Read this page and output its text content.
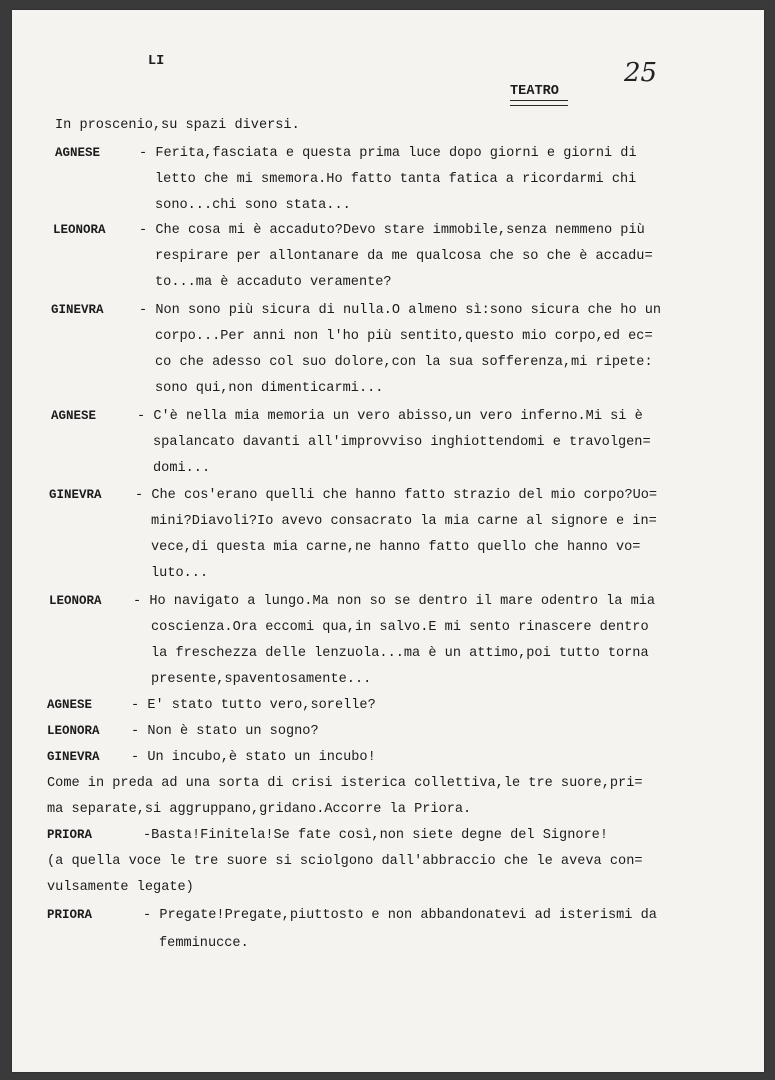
LI
TEATRO
25
In proscenio,su spazi diversi.
AGNESE	- Ferita,fasciata e questa prima luce dopo giorni e giorni di
letto che mi smemora.Ho fatto tanta fatica a ricordarmi chi
sono...chi sono stata...
LEONORA - Che cosa mi è accaduto?Devo stare immobile,senza nemmeno più
respirare per allontanare da me qualcosa che so che è accadu=
to...ma è accaduto veramente?
GINEVRA	- Non sono più sicura di nulla.O almeno sì:sono sicura che ho un
corpo...Per anni non l'ho più sentito,questo mio corpo,ed ec=
co che adesso col suo dolore,con la sua sofferenza,mi ripete:
sono qui,non dimenticarmi...
AGNESE	- C'è nella mia memoria un vero abisso,un vero inferno.Mi si è
spalancato davanti all'improvviso inghiottendomi e travolgen=
domi...
GINEVRA - Che cos'erano quelli che hanno fatto strazio del mio corpo?Uo=
mini?Diavoli?Io avevo consacrato la mia carne al signore e in=
vece,di questa mia carne,ne hanno fatto quello che hanno vo=
luto...
LEONORA - Ho navigato a lungo.Ma non so se dentro il mare odentro la mia
coscienza.Ora eccomi qua,in salvo.E mi sento rinascere dentro
la freschezza delle lenzuola...ma è un attimo,poi tutto torna
presente,spaventosamente...
AGNESE	- E' stato tutto vero,sorelle?
LEONORA - Non è stato un sogno?
GINEVRA - Un incubo,è stato un incubo!
Come in preda ad una sorta di crisi isterica collettiva,le tre suore,pri=
ma separate,si aggruppano,gridano.Accorre la Priora.
PRIORA	-Basta!Finitela!Se fate così,non siete degne del Signore!
(a quella voce le tre suore si sciolgono dall'abbraccio che le aveva con=
vulsamente legate)
PRIORA	- Pregate!Pregate,piuttosto e non abbandonatevi ad isterismi da
femminucce.
